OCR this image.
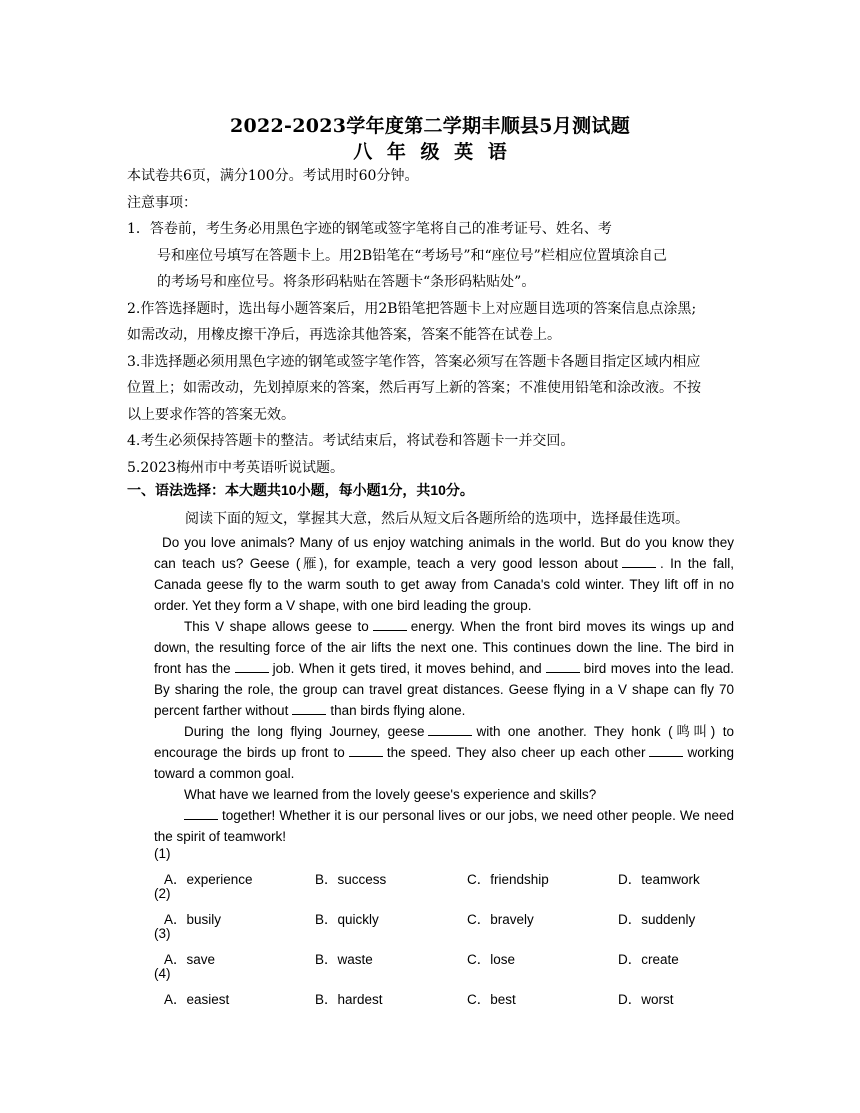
2022-2023学年度第二学期丰顺县5月测试题
八 年 级 英 语
本试卷共6页，满分100分。考试用时60分钟。
注意事项：
1．答卷前，考生务必用黑色字迹的钢笔或签字笔将自己的准考证号、姓名、考
号和座位号填写在答题卡上。用2B铅笔在“考场号”和“座位号”栏相应位置填涂自己
的考场号和座位号。将条形码粘贴在答题卡“条形码粘贴处”。
2.作答选择题时，选出每小题答案后，用2B铅笔把答题卡上对应题目选项的答案信息点涂黑;
如需改动，用橡皮擦干净后，再选涂其他答案，答案不能答在试卷上。
3.非选择题必须用黑色字迹的钢笔或签字笔作答，答案必须写在答题卡各题目指定区域内相应
位置上；如需改动，先划掉原来的答案，然后再写上新的答案；不准使用铅笔和涂改液。不按
以上要求作答的答案无效。
4.考生必须保持答题卡的整洁。考试结束后，将试卷和答题卡一并交回。
5.2023梅州市中考英语听说试题。
一、语法选择：本大题共10小题，每小题1分，共10分。
阅读下面的短文，掌握其大意，然后从短文后各题所给的选项中，选择最佳选项。

Do you love animals? Many of us enjoy watching animals in the world. But do you know they can teach us? Geese (雁), for example, teach a very good lesson about	. In the fall, Canada geese fly to the warm south to get away from Canada's cold winter. They lift off in no order. Yet they form a V shape, with one bird leading the group.

This V shape allows geese to	energy. When the front bird moves its wings up and down, the resulting force of the air lifts the next one. This continues down the line. The bird in front has the	job. When it gets tired, it moves behind, and	bird moves into the lead. By sharing the role, the group can travel great distances. Geese flying in a V shape can fly 70 percent farther without	than birds flying alone.

During the long flying Journey, geese	with one another. They honk (鸣叫) to encourage the birds up front to	the speed. They also cheer up each other	working toward a common goal.

What have we learned from the lovely geese's experience and skills?

together! Whether it is our personal lives or our jobs, we need other people. We need the spirit of teamwork!

(1)
A．experience	B．success	C．friendship	D．teamwork
(2)
A．busily	B．quickly	C．bravely	D．suddenly
(3)
A．save	B．waste	C．lose	D．create
(4)
A．easiest	B．hardest	C．best	D．worst
